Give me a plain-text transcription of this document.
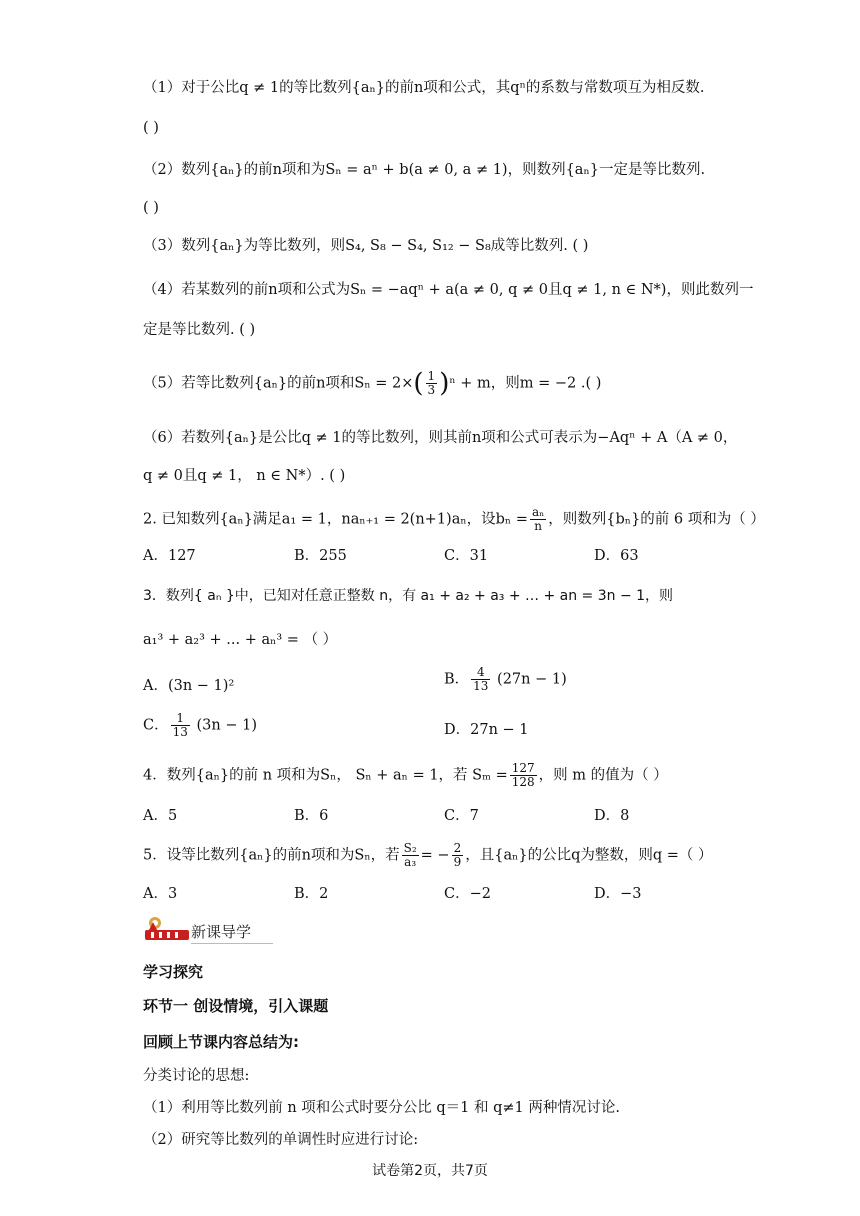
（1）对于公比q ≠ 1的等比数列{aₙ}的前n项和公式，其qⁿ的系数与常数项互为相反数.
( )
（2）数列{aₙ}的前n项和为Sₙ = aⁿ + b(a ≠ 0, a ≠ 1)，则数列{aₙ}一定是等比数列.
( )
（3）数列{aₙ}为等比数列，则S₄, S₈ − S₄, S₁₂ − S₈成等比数列. ( )
（4）若某数列的前n项和公式为Sₙ = −aqⁿ + a(a ≠ 0, q ≠ 0且q ≠ 1, n ∈ N*)，则此数列一
定是等比数列. ( )
（5）若等比数列{aₙ}的前n项和$S_n = 2\times( \frac{1}{3} )^n + m$，则m = −2 .( )
（6）若数列{aₙ}是公比q ≠ 1的等比数列，则其前n项和公式可表示为−Aqⁿ + A（A ≠ 0，
q ≠ 0且q ≠ 1， n ∈ N*）. ( )
2. 已知数列{aₙ}满足a₁ = 1，naₙ₊₁ = 2(n+1)aₙ，设$b_n = \frac{\text{aₙ}}{n}$ ，则数列{bₙ}的前 6 项和为（ ）
A．127	B．255	C．31	D．63
3．数列{ aₙ }中，已知对任意正整数 n，有 a₁ + a₂ + a₃ + … + an = 3n − 1，则
a₁³ + a₂³ + ... + aₙ³ = （ ）
A．(3n − 1)²	B． $\frac{4}{13} (27n - 1)$
C． $\frac{1}{13} (3n - 1)$	D．27n − 1
4．数列{aₙ}的前 n 项和为Sₙ， Sₙ + aₙ = 1，若 $S_m = \frac{127}{128}$ ，则 m 的值为（ ）
A．5	B．6	C．7	D．8
5．设等比数列{aₙ}的前n项和为Sₙ，若 $\frac{\text{S₂}}{\text{a₃}}$ = − $\frac{2}{9}$ ，且{aₙ}的公比q为整数，则q =（ ）
A．3	B．2	C．−2	D．−3
新课导学
学习探究
环节一 创设情境，引入课题
回顾上节课内容总结为:
分类讨论的思想:
（1）利用等比数列前 n 项和公式时要分公比 q＝1 和 q≠1 两种情况讨论.
（2）研究等比数列的单调性时应进行讨论:
试卷第2页，共7页
